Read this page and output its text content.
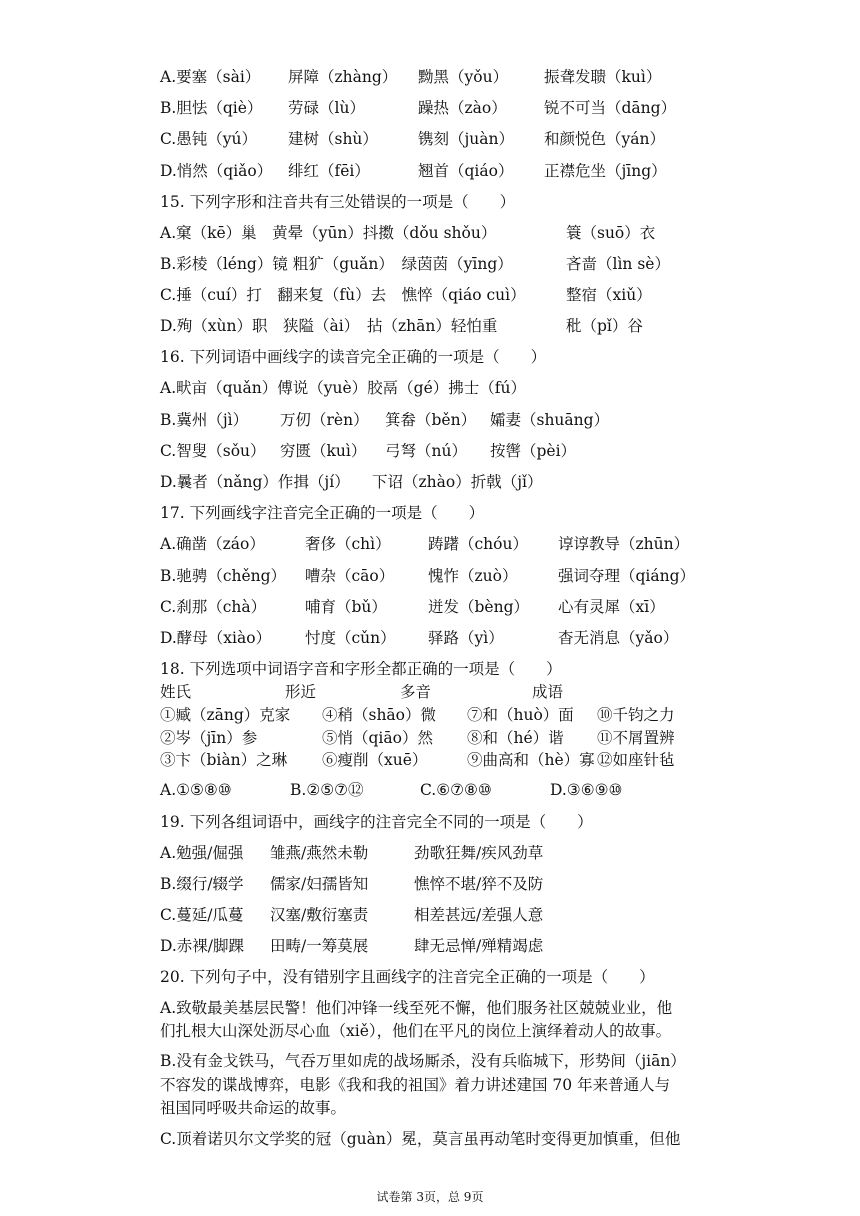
A.要塞（sài） 屏障（zhàng） 黝黑（yǒu） 振聋发聩（kuì）
B.胆怯（qiè） 劳碌（lù）	躁热（zào） 锐不可当（dāng）
C.愚钝（yú） 建树（shù）	镌刻（juàn） 和颜悦色（yán）
D.悄然（qiǎo） 绯红（fēi）	翘首（qiáo） 正襟危坐（jīng）
15. 下列字形和注音共有三处错误的一项是（　　）
A.窠（kē）巢　黄晕（yūn）抖擞（dǒu shǒu）	簑（suō）衣
B.彩棱（léng）镜 粗犷（guǎn）　绿茵茵（yīng）	吝啬（lìn sè）
C.捶（cuí）打　翻来复（fù）去　憔悴（qiáo cuì）	整宿（xiǔ）
D.殉（xùn）职　狭隘（ài）　拈（zhān）轻怕重	秕（pǐ）谷
16. 下列词语中画线字的读音完全正确的一项是（　　）
A.畎亩（quǎn）傅说（yuè）胶鬲（gé）拂士（fú）
B.冀州（jì） 万仞（rèn） 箕畚（běn） 孀妻（shuāng）
C.智叟（sǒu） 穷匮（kuì） 弓弩（nú） 按辔（pèi）
D.曩者（nǎng）作揖（jí） 下诏（zhào）折戟（jǐ）
17. 下列画线字注音完全正确的一项是（　　）
A.确凿（záo）	奢侈（chì） 踌躇（chóu） 谆谆教导（zhūn）
B.驰骋（chěng） 嘈杂（cāo） 愧怍（zuò）	强词夺理（qiáng）
C.刹那（chà）	哺育（bǔ）	迸发（bèng） 心有灵犀（xī）
D.酵母（xiào） 忖度（cǔn） 驿路（yì）	杳无消息（yǎo）
18. 下列选项中词语字音和字形全都正确的一项是（　　）
姓氏	形近	多音	成语
①臧（zāng）克家 ④稍（shāo）微 ⑦和（huò）面 ⑩千钧之力
②岑（jīn）参	⑤悄（qiāo）然 ⑧和（hé）谐 ⑪不屑置辨
③卞（biàn）之琳 ⑥瘦削（xuē）	⑨曲高和（hè）寡 ⑫如座针毡
A.①⑤⑧⑩	B.②⑤⑦⑫	C.⑥⑦⑧⑩	D.③⑥⑨⑩
19. 下列各组词语中，画线字的注音完全不同的一项是（　　）
A.勉强/倔强 雏燕/燕然未勒	劲歌狂舞/疾风劲草
B.缀行/辍学 儒家/妇孺皆知	憔悴不堪/猝不及防
C.蔓延/瓜蔓 汉塞/敷衍塞责	相差甚远/差强人意
D.赤裸/脚踝 田畴/一筹莫展	肆无忌惮/殚精竭虑
20. 下列句子中，没有错别字且画线字的注音完全正确的一项是（　　）
A.致敬最美基层民警！他们冲锋一线至死不懈，他们服务社区兢兢业业，他
们扎根大山深处沥尽心血（xiě），他们在平凡的岗位上演绎着动人的故事。
B.没有金戈铁马，气吞万里如虎的战场厮杀，没有兵临城下，形势间（jiān）
不容发的谍战博弈，电影《我和我的祖国》着力讲述建国 70 年来普通人与
祖国同呼吸共命运的故事。
C.顶着诺贝尔文学奖的冠（guàn）冕，莫言虽再动笔时变得更加慎重，但他
试卷第 3页，总 9页
